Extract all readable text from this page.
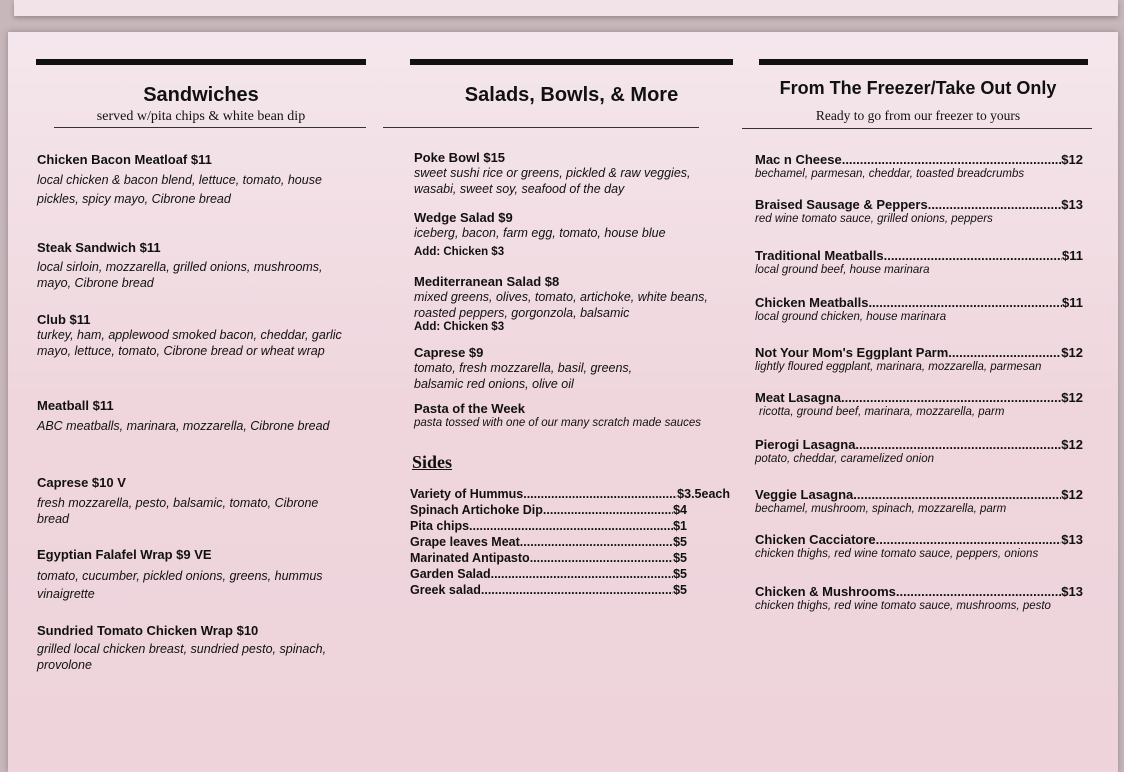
Sandwiches
served w/pita chips & white bean dip
Chicken Bacon Meatloaf $11
local chicken & bacon blend, lettuce, tomato, house pickles, spicy mayo, Cibrone bread
Steak Sandwich $11
local sirloin, mozzarella, grilled onions, mushrooms, mayo, Cibrone bread
Club $11
turkey, ham, applewood smoked bacon, cheddar, garlic mayo, lettuce, tomato, Cibrone bread or wheat wrap
Meatball $11
ABC meatballs, marinara, mozzarella, Cibrone bread
Caprese $10 V
fresh mozzarella, pesto, balsamic, tomato, Cibrone bread
Egyptian Falafel Wrap $9 VE
tomato, cucumber, pickled onions, greens, hummus vinaigrette
Sundried Tomato Chicken Wrap $10
grilled local chicken breast, sundried pesto, spinach, provolone
Salads, Bowls, & More
Poke Bowl $15
sweet sushi rice or greens, pickled & raw veggies, wasabi, sweet soy, seafood of the day
Wedge Salad $9
iceberg, bacon, farm egg, tomato, house blue
Add: Chicken $3
Mediterranean Salad $8
mixed greens, olives, tomato, artichoke, white beans, roasted peppers, gorgonzola, balsamic
Add: Chicken $3
Caprese $9
tomato, fresh mozzarella, basil, greens, balsamic red onions, olive oil
Pasta of the Week
pasta tossed with one of our many scratch made sauces
Sides
Variety of Hummus .....	$3.5each
Spinach Artichoke Dip .....	$4
Pita chips .....	$1
Grape leaves Meat .....	$5
Marinated Antipasto .....	$5
Garden Salad .....	$5
Greek salad .....	$5
From The Freezer/Take Out Only
Ready to go from our freezer to yours
Mac n Cheese .....	$12
bechamel, parmesan, cheddar, toasted breadcrumbs
Braised Sausage & Peppers .....	$13
red wine tomato sauce, grilled onions, peppers
Traditional Meatballs .....	$11
local ground beef, house marinara
Chicken Meatballs .....	$11
local ground chicken, house marinara
Not Your Mom's Eggplant Parm .....	$12
lightly floured eggplant, marinara, mozzarella, parmesan
Meat Lasagna .....	$12
ricotta, ground beef, marinara, mozzarella, parm
Pierogi Lasagna .....	$12
potato, cheddar, caramelized onion
Veggie Lasagna .....	$12
bechamel, mushroom, spinach, mozzarella, parm
Chicken Cacciatore .....	$13
chicken thighs, red wine tomato sauce, peppers, onions
Chicken & Mushrooms .....	$13
chicken thighs, red wine tomato sauce, mushrooms, pesto
